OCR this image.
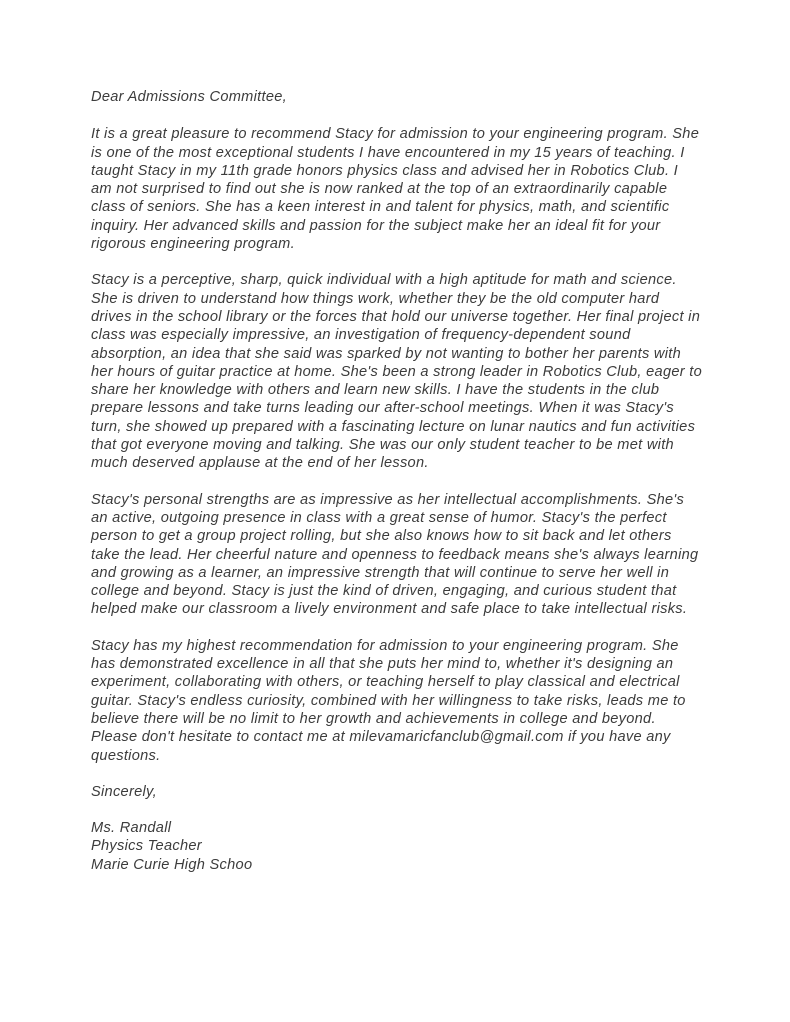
Dear Admissions Committee,

It is a great pleasure to recommend Stacy for admission to your engineering program. She is one of the most exceptional students I have encountered in my 15 years of teaching. I taught Stacy in my 11th grade honors physics class and advised her in Robotics Club. I am not surprised to find out she is now ranked at the top of an extraordinarily capable class of seniors. She has a keen interest in and talent for physics, math, and scientific inquiry. Her advanced skills and passion for the subject make her an ideal fit for your rigorous engineering program.

Stacy is a perceptive, sharp, quick individual with a high aptitude for math and science. She is driven to understand how things work, whether they be the old computer hard drives in the school library or the forces that hold our universe together. Her final project in class was especially impressive, an investigation of frequency-dependent sound absorption, an idea that she said was sparked by not wanting to bother her parents with her hours of guitar practice at home. She's been a strong leader in Robotics Club, eager to share her knowledge with others and learn new skills. I have the students in the club prepare lessons and take turns leading our after-school meetings. When it was Stacy's turn, she showed up prepared with a fascinating lecture on lunar nautics and fun activities that got everyone moving and talking. She was our only student teacher to be met with much deserved applause at the end of her lesson.

Stacy's personal strengths are as impressive as her intellectual accomplishments. She's an active, outgoing presence in class with a great sense of humor. Stacy's the perfect person to get a group project rolling, but she also knows how to sit back and let others take the lead. Her cheerful nature and openness to feedback means she's always learning and growing as a learner, an impressive strength that will continue to serve her well in college and beyond. Stacy is just the kind of driven, engaging, and curious student that helped make our classroom a lively environment and safe place to take intellectual risks.

Stacy has my highest recommendation for admission to your engineering program. She has demonstrated excellence in all that she puts her mind to, whether it's designing an experiment, collaborating with others, or teaching herself to play classical and electrical guitar. Stacy's endless curiosity, combined with her willingness to take risks, leads me to believe there will be no limit to her growth and achievements in college and beyond. Please don't hesitate to contact me at milevamaricfanclub@gmail.com if you have any questions.

Sincerely,

Ms. Randall
Physics Teacher
Marie Curie High Schoo
